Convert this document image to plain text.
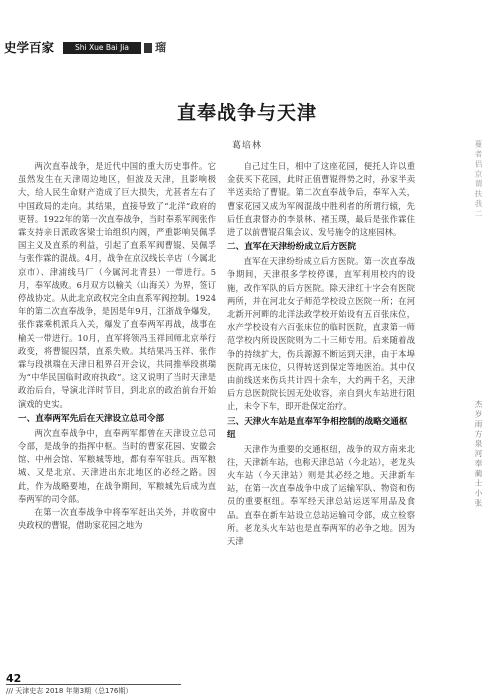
史学百家	Shi Xue Bai Jia	瑠
直奉战争与天津
葛培林

两次直奉战争，是近代中国的重大历史事件。它虽然发生在天津周边地区，但波及天津，且影响极大，给人民生命财产造成了巨大损失，尤甚者左右了中国政局的走向。其结果，直接导致了“北洋”政府的更替。1922年的第一次直奉战争，当时奉系军阀张作霖支持亲日派政客梁士诒组织内阁，严重影响吴佩孚国主义及直系的利益，引起了直系军阀曹锟、吴佩孚与张作霖的混战。4月，战争在京汉线长辛店（今属北京市）、津浦线马厂（今属河北青县）一带进行。5月，奉军战败。6月双方以榆关（山海关）为界，签订停战协定。从此北京政权完全由直系军阀控制。1924年的第二次直奉战争，是因是年9月，江浙战争爆发，张作霖乘机派兵入关，爆发了直奉两军再战，战事在榆关一带进行。10月，直军将领冯玉祥回师北京举行政变，将曹锟囚禁，直系失败。其结果冯玉祥、张作霖与段祺瑞在天津日租界召开会议，共同推举段祺瑞为“中华民国临时政府执政”。这又说明了当时天津是政治后台，导演北洋时节目，到北京的政治前台开始演戏的史实。

一、直奉两军先后在天津设立总司令部

两次直奉战争中，直奉两军都曾在天津设立总司令部，是战争的指挥中枢。当时的曹家花园、安徽会馆、中州会馆、军粮城等地，都有奉军驻兵。西军粮城、又是北京、天津进出东北地区的必经之路。因此，作为战略要地，在战争期间，军粮城先后成为直奉两军的司令部。

在第一次直奉战争中将奉军赶出关外，并收窗中央政权的曹锟，借助家花园之地为

自己过生日，相中了这座花园，便托人许以重金获买下花园，此时正值曹锟得势之时，孙家半卖半送卖给了曹锟。第二次直奉战争后，奉军入关，曹家花园又成为军阀混战中胜利者的所谓行辕，先后任直隶督办的李景林、褚玉璞，最后是张作霖住进了以前曹锟召集会议、发号施令的这座园林。

二、直军在天津纷纷成立后方医院

直军在天津纷纷成立后方医院。第一次直奉战争期间，天津很多学校停课，直军利用校内的设施，改作军队的后方医院。除天津红十字会有医院两所，并在河北女子师范学校设立医院一所；在河北新开河畔的北洋法政学校开始设有五百张床位，水产学校设有六百张床位的临时医院，直隶第一师范学校内所设医院则为二十三师专用。后来随着战争的持续扩大，伤兵源源不断运到天津，由于本埠医院再无床位，只得转送到保定等地医治。其中仅由前线送来伤兵共计四十余车，大约两千名，天津后方总医院院长因无处收容，亲自到火车站进行阻止，未令下车，即开赴保定治疗。

三、天津火车站是直奉军争相控制的战略交通枢纽

天津作为重要的交通枢纽，战争的双方南来北往，天津新车站，也称天津总站（今北站），老龙头火车站（今天津站）则是其必经之地。天津新车站，在第一次直奉战争中成了运输军队、物资和伤员的重要枢纽。奉军经天津总站运送军用品及食品。直奉在新车站设立总站运输司令部，成立检察所。老龙头火车站也是直奉两军的必争之地。因为天津

蔓 者 侣 京 谓 扶 我 二
杰 岁 雨 方 泉 河 奉 蔺 士 小 张
42
/// 天津史志 2018 年第3期（总176期）
